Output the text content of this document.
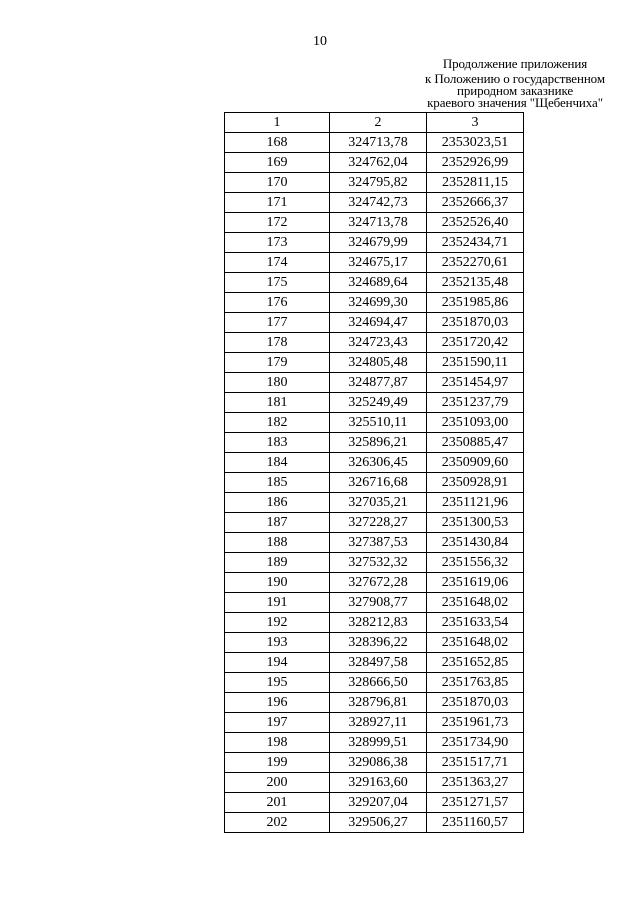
10
Продолжение приложения
к Положению о государственном
природном заказнике
краевого значения "Щебенчиха"
1	2	3
168	324713,78	2353023,51
169	324762,04	2352926,99
170	324795,82	2352811,15
171	324742,73	2352666,37
172	324713,78	2352526,40
173	324679,99	2352434,71
174	324675,17	2352270,61
175	324689,64	2352135,48
176	324699,30	2351985,86
177	324694,47	2351870,03
178	324723,43	2351720,42
179	324805,48	2351590,11
180	324877,87	2351454,97
181	325249,49	2351237,79
182	325510,11	2351093,00
183	325896,21	2350885,47
184	326306,45	2350909,60
185	326716,68	2350928,91
186	327035,21	2351121,96
187	327228,27	2351300,53
188	327387,53	2351430,84
189	327532,32	2351556,32
190	327672,28	2351619,06
191	327908,77	2351648,02
192	328212,83	2351633,54
193	328396,22	2351648,02
194	328497,58	2351652,85
195	328666,50	2351763,85
196	328796,81	2351870,03
197	328927,11	2351961,73
198	328999,51	2351734,90
199	329086,38	2351517,71
200	329163,60	2351363,27
201	329207,04	2351271,57
202	329506,27	2351160,57
